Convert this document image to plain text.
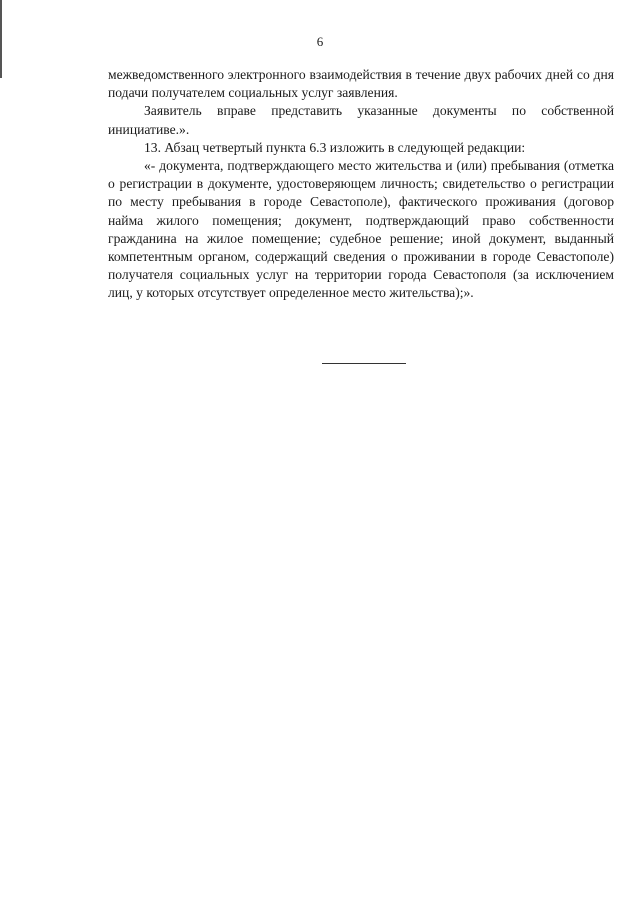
6

межведомственного электронного взаимодействия в течение двух рабочих дней со дня подачи получателем социальных услуг заявления.

Заявитель вправе представить указанные документы по собственной инициативе.».

13. Абзац четвертый пункта 6.3 изложить в следующей редакции:

«- документа, подтверждающего место жительства и (или) пребывания (отметка о регистрации в документе, удостоверяющем личность; свидетельство о регистрации по месту пребывания в городе Севастополе), фактического проживания (договор найма жилого помещения; документ, подтверждающий право собственности гражданина на жилое помещение; судебное решение; иной документ, выданный компетентным органом, содержащий сведения о проживании в городе Севастополе) получателя социальных услуг на территории города Севастополя (за исключением лиц, у которых отсутствует определенное место жительства);».
